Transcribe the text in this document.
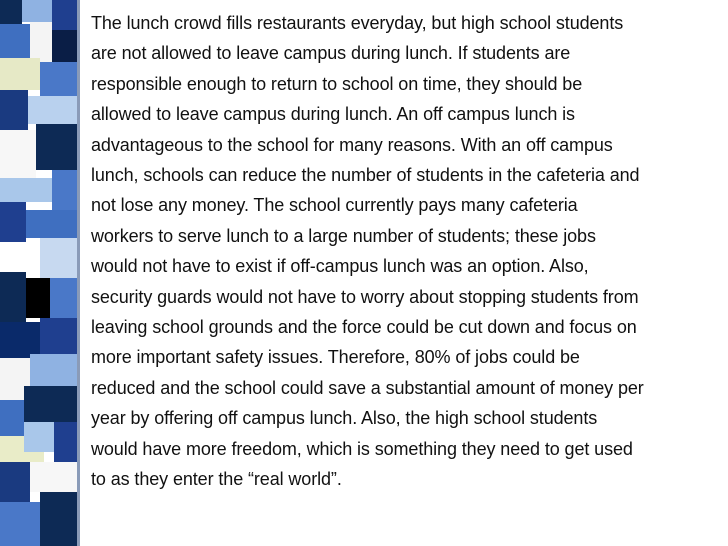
The lunch crowd fills restaurants everyday, but high school students
are not allowed to leave campus during lunch. If students are
responsible enough to return to school on time, they should be
allowed to leave campus during lunch. An off campus lunch is
advantageous to the school for many reasons. With an off campus
lunch, schools can reduce the number of students in the cafeteria and
not lose any money. The school currently pays many cafeteria
workers to serve lunch to a large number of students; these jobs
would not have to exist if off-campus lunch was an option. Also,
security guards would not have to worry about stopping students from
leaving school grounds and the force could be cut down and focus on
more important safety issues. Therefore, 80% of jobs could be
reduced and the school could save a substantial amount of money per
year by offering off campus lunch. Also, the high school students
would have more freedom, which is something they need to get used
to as they enter the “real world”.
